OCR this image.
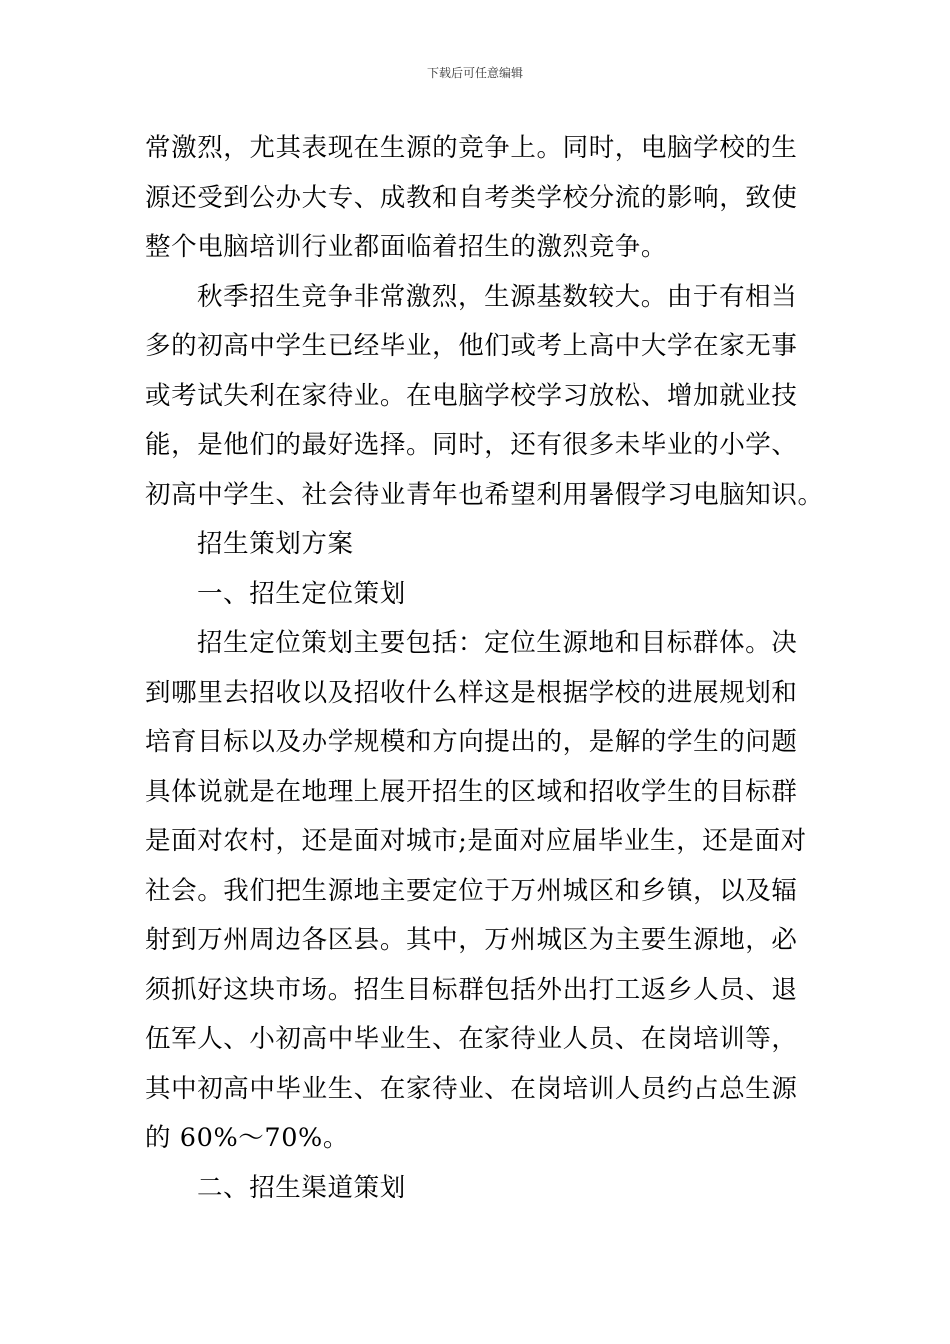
下载后可任意编辑
常激烈，尤其表现在生源的竞争上。同时，电脑学校的生
源还受到公办大专、成教和自考类学校分流的影响，致使
整个电脑培训行业都面临着招生的激烈竞争。
秋季招生竞争非常激烈，生源基数较大。由于有相当
多的初高中学生已经毕业，他们或考上高中大学在家无事
或考试失利在家待业。在电脑学校学习放松、增加就业技
能，是他们的最好选择。同时，还有很多未毕业的小学、
初高中学生、社会待业青年也希望利用暑假学习电脑知识。
招生策划方案
一、招生定位策划
招生定位策划主要包括：定位生源地和目标群体。决
到哪里去招收以及招收什么样这是根据学校的进展规划和
培育目标以及办学规模和方向提出的，是解的学生的问题
具体说就是在地理上展开招生的区域和招收学生的目标群
是面对农村，还是面对城市;是面对应届毕业生，还是面对
社会。我们把生源地主要定位于万州城区和乡镇，以及辐
射到万州周边各区县。其中，万州城区为主要生源地，必
须抓好这块市场。招生目标群包括外出打工返乡人员、退
伍军人、小初高中毕业生、在家待业人员、在岗培训等，
其中初高中毕业生、在家待业、在岗培训人员约占总生源
的 60%～70%。
二、招生渠道策划
